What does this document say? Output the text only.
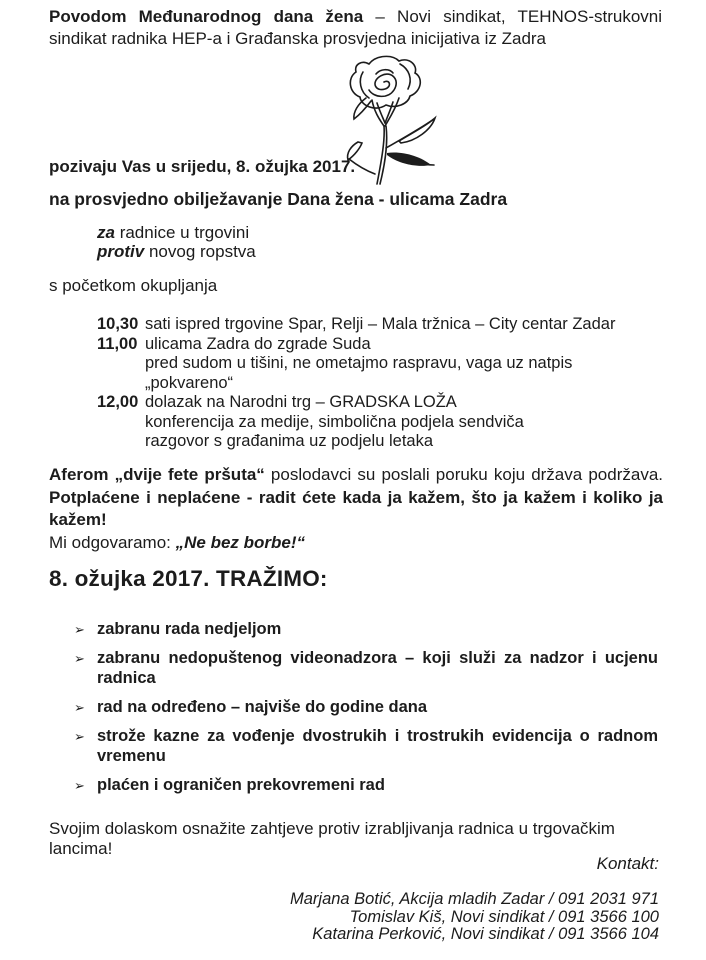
Povodom Međunarodnog dana žena – Novi sindikat, TEHNOS-strukovni sindikat radnika HEP-a i Građanska prosvjedna inicijativa iz Zadra

pozivaju Vas u srijedu, 8. ožujka 2017.

na prosvjedno obilježavanje Dana žena - ulicama Zadra

za radnice u trgovini

protiv novog ropstva

s početkom okupljanja

10,30 sati ispred trgovine Spar, Relji – Mala tržnica – City centar Zadar
11,00 ulicama Zadra do zgrade Suda
pred sudom u tišini, ne ometajmo raspravu, vaga uz natpis „pokvareno“
12,00 dolazak na Narodni trg – GRADSKA LOŽA
konferencija za medije, simbolična podjela sendviča
razgovor s građanima uz podjelu letaka

Aferom „dvije fete pršuta“ poslodavci su poslali poruku koju država podržava. Potplaćene i neplaćene - radit ćete kada ja kažem, što ja kažem i koliko ja kažem!

Mi odgovaramo: „Ne bez borbe!“

8. ožujka 2017. TRAŽIMO:

➢ zabranu rada nedjeljom
➢ zabranu nedopuštenog videonadzora – koji služi za nadzor i ucjenu radnica
➢ rad na određeno – najviše do godine dana
➢ strože kazne za vođenje dvostrukih i trostrukih evidencija o radnom vremenu
➢ plaćen i ograničen prekovremeni rad

Svojim dolaskom osnažite zahtjeve protiv izrabljivanja radnica u trgovačkim lancima!

Kontakt:

Marjana Botić, Akcija mladih Zadar / 091 2031 971
Tomislav Kiš, Novi sindikat / 091 3566 100
Katarina Perković, Novi sindikat / 091 3566 104
